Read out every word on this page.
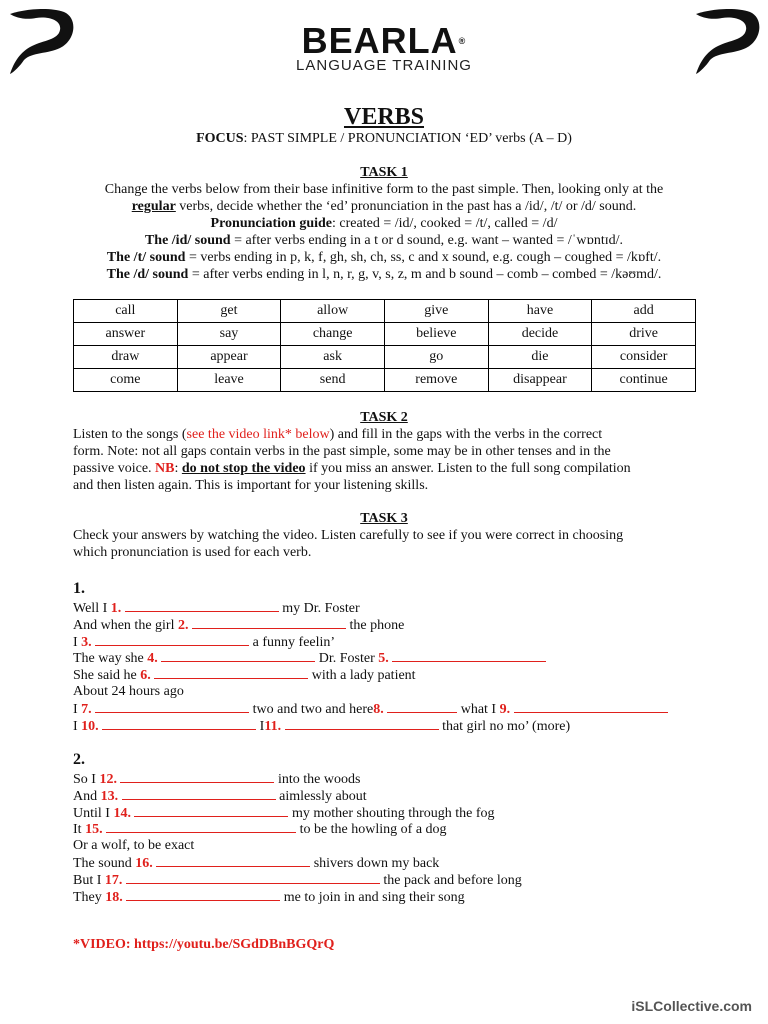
BEARLA®
LANGUAGE TRAINING
VERBS
FOCUS: PAST SIMPLE / PRONUNCIATION ‘ED’ verbs (A – D)
TASK 1
Change the verbs below from their base infinitive form to the past simple. Then, looking only at the
regular verbs, decide whether the ‘ed’ pronunciation in the past has a /id/, /t/ or /d/ sound.
Pronunciation guide: created = /id/, cooked = /t/, called = /d/
The /id/ sound = after verbs ending in a t or d sound, e.g. want – wanted = /ˈwɒntɪd/.
The /t/ sound = verbs ending in p, k, f, gh, sh, ch, ss, c and x sound, e.g. cough – coughed = /kɒft/.
The /d/ sound = after verbs ending in l, n, r, g, v, s, z, m and b sound – comb – combed = /kəʊmd/.
call	get	allow	give	have	add
answer	say	change	believe	decide	drive
draw	appear	ask	go	die	consider
come	leave	send	remove	disappear	continue
TASK 2
Listen to the songs (see the video link* below) and fill in the gaps with the verbs in the correct
form. Note: not all gaps contain verbs in the past simple, some may be in other tenses and in the
passive voice. NB: do not stop the video if you miss an answer. Listen to the full song compilation
and then listen again. This is important for your listening skills.
TASK 3
Check your answers by watching the video. Listen carefully to see if you were correct in choosing
which pronunciation is used for each verb.
1.
Well I 1.	my Dr. Foster
And when the girl 2.	the phone
I 3.	a funny feelin’
The way she 4.	Dr. Foster 5.
She said he 6.	with a lady patient
About 24 hours ago
I 7.	two and two and here8.	what I 9.
I 10.	I11.	that girl no mo’ (more)
2.
So I 12.	into the woods
And 13.	aimlessly about
Until I 14.	my mother shouting through the fog
It 15.	to be the howling of a dog
Or a wolf, to be exact
The sound 16.	shivers down my back
But I 17.	the pack and before long
They 18.	me to join in and sing their song
*VIDEO: https://youtu.be/SGdDBnBGQrQ
iSLCollective.com
